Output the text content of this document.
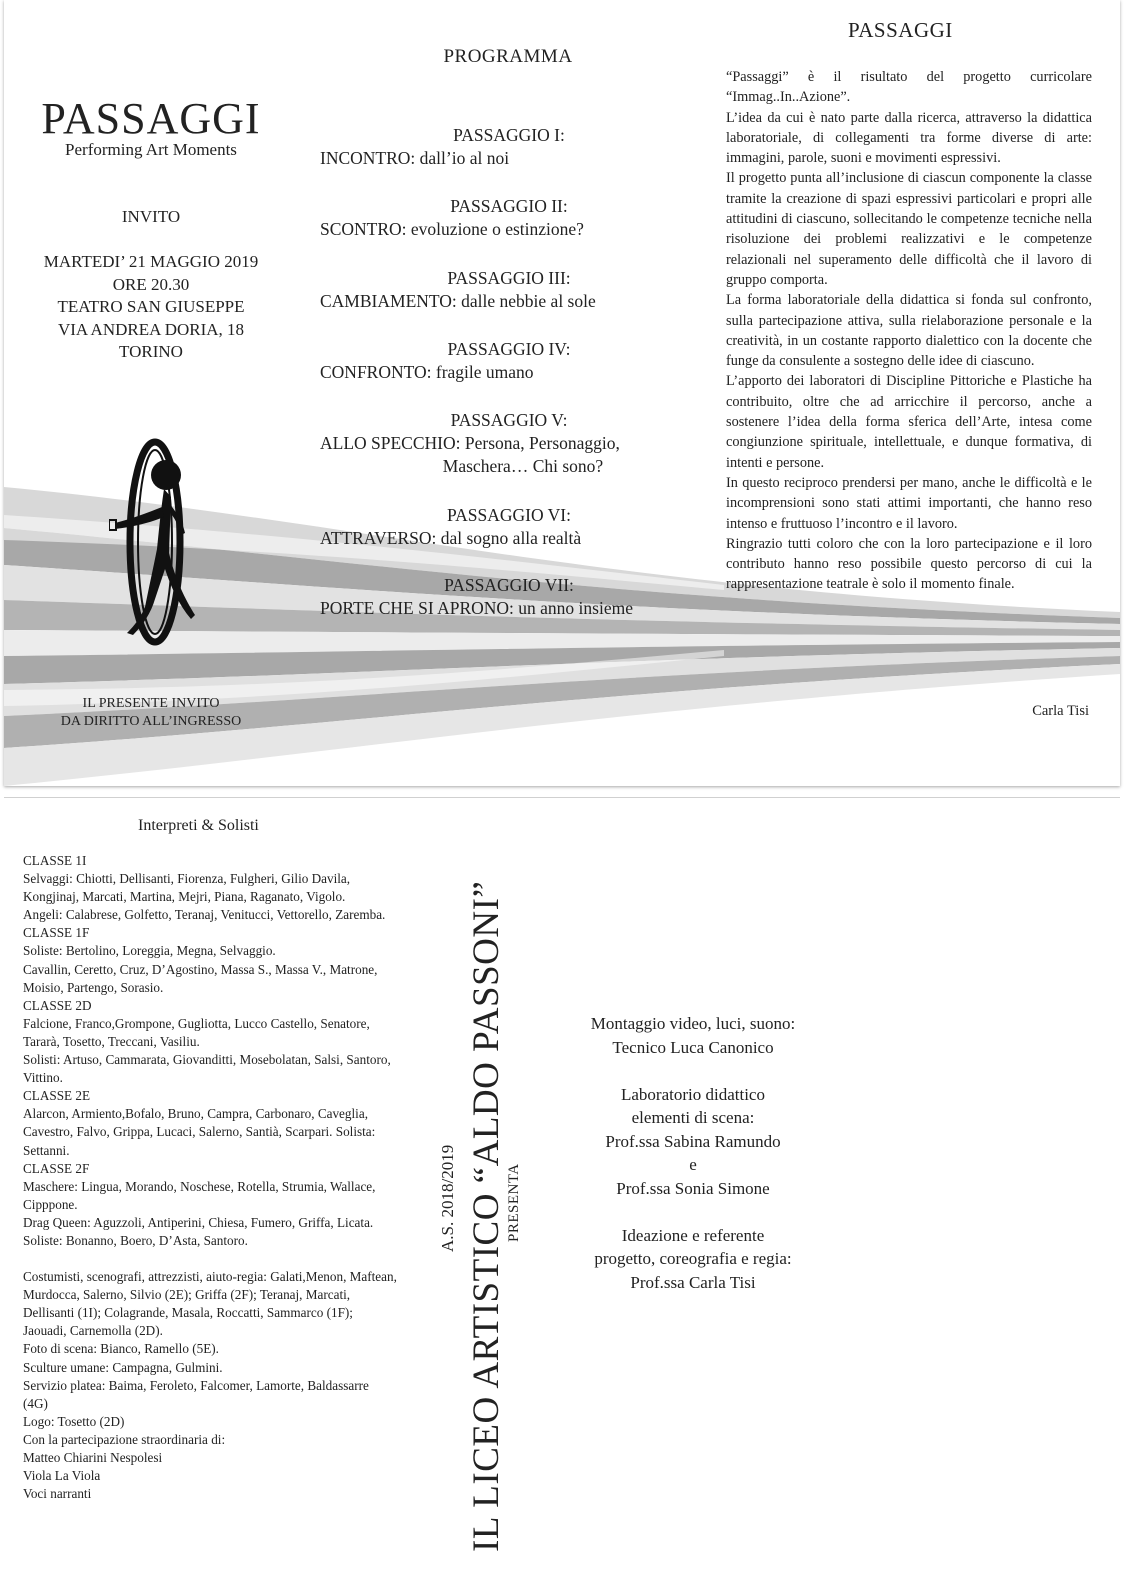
PASSAGGI
Performing Art Moments
INVITO
MARTEDI’ 21 MAGGIO 2019
ORE 20.30
TEATRO SAN GIUSEPPE
VIA ANDREA DORIA, 18
TORINO
IL PRESENTE INVITO
DA DIRITTO ALL’INGRESSO
PROGRAMMA
PASSAGGIO I:
INCONTRO: dall’io al noi
PASSAGGIO II:
SCONTRO: evoluzione o estinzione?
PASSAGGIO III:
CAMBIAMENTO: dalle nebbie al sole
PASSAGGIO IV:
CONFRONTO: fragile umano
PASSAGGIO V:
ALLO SPECCHIO: Persona, Personaggio,
Maschera… Chi sono?
PASSAGGIO VI:
ATTRAVERSO: dal sogno alla realtà
PASSAGGIO VII:
PORTE CHE SI APRONO: un anno insieme
PASSAGGI

“Passaggi” è il risultato del progetto curricolare “Immag..In..Azione”.

L’idea da cui è nato parte dalla ricerca, attraverso la didattica laboratoriale, di collegamenti tra forme diverse di arte: immagini, parole, suoni e movimenti espressivi.

Il progetto punta all’inclusione di ciascun componente la classe tramite la creazione di spazi espressivi particolari e propri alle attitudini di ciascuno, sollecitando le competenze tecniche nella risoluzione dei problemi realizzativi e le competenze relazionali nel superamento delle difficoltà che il lavoro di gruppo comporta.

La forma laboratoriale della didattica si fonda sul confronto, sulla partecipazione attiva, sulla rielaborazione personale e la creatività, in un costante rapporto dialettico con la docente che funge da consulente a sostegno delle idee di ciascuno.

L’apporto dei laboratori di Discipline Pittoriche e Plastiche ha contribuito, oltre che ad arricchire il percorso, anche a sostenere l’idea della forma sferica dell’Arte, intesa come congiunzione spirituale, intellettuale, e dunque formativa, di intenti e persone.

In questo reciproco prendersi per mano, anche le difficoltà e le incomprensioni sono stati attimi importanti, che hanno reso intenso e fruttuoso l’incontro e il lavoro.

Ringrazio tutti coloro che con la loro partecipazione e il loro contributo hanno reso possibile questo percorso di cui la rappresentazione teatrale è solo il momento finale.

Carla Tisi
Interpreti & Solisti

CLASSE 1I

Selvaggi: Chiotti, Dellisanti, Fiorenza, Fulgheri, Gilio Davila, Kongjinaj, Marcati, Martina, Mejri, Piana, Raganato, Vigolo.

Angeli: Calabrese, Golfetto, Teranaj, Venitucci, Vettorello, Zaremba.

CLASSE 1F

Soliste: Bertolino, Loreggia, Megna, Selvaggio.

Cavallin, Ceretto, Cruz, D’Agostino, Massa S., Massa V., Matrone, Moisio, Partengo, Sorasio.

CLASSE 2D

Falcione, Franco,Grompone, Gugliotta, Lucco Castello, Senatore, Tararà, Tosetto, Treccani, Vasiliu.

Solisti: Artuso, Cammarata, Giovanditti, Mosebolatan, Salsi, Santoro, Vittino.

CLASSE 2E

Alarcon, Armiento,Bofalo, Bruno, Campra, Carbonaro, Caveglia, Cavestro, Falvo, Grippa, Lucaci, Salerno, Santià, Scarpari. Solista: Settanni.

CLASSE 2F

Maschere: Lingua, Morando, Noschese, Rotella, Strumia, Wallace, Cipppone.

Drag Queen: Aguzzoli, Antiperini, Chiesa, Fumero, Griffa, Licata.

Soliste: Bonanno, Boero, D’Asta, Santoro.

Costumisti, scenografi, attrezzisti, aiuto-regia: Galati,Menon, Maftean, Murdocca, Salerno, Silvio (2E); Griffa (2F); Teranaj, Marcati, Dellisanti (1I); Colagrande, Masala, Roccatti, Sammarco (1F); Jaouadi, Carnemolla (2D).

Foto di scena: Bianco, Ramello (5E).

Sculture umane: Campagna, Gulmini.

Servizio platea: Baima, Feroleto, Falcomer, Lamorte, Baldassarre (4G)

Logo: Tosetto (2D)

Con la partecipazione straordinaria di:

Matteo Chiarini Nespolesi

Viola La Viola

Voci narranti

A.S. 2018/2019 IL LICEO ARTISTICO “ALDO PASSONI” PRESENTA
Montaggio video, luci, suono:
Tecnico Luca Canonico
Laboratorio didattico
elementi di scena:
Prof.ssa Sabina Ramundo
e
Prof.ssa Sonia Simone
Ideazione e referente
progetto, coreografia e regia:
Prof.ssa Carla Tisi
